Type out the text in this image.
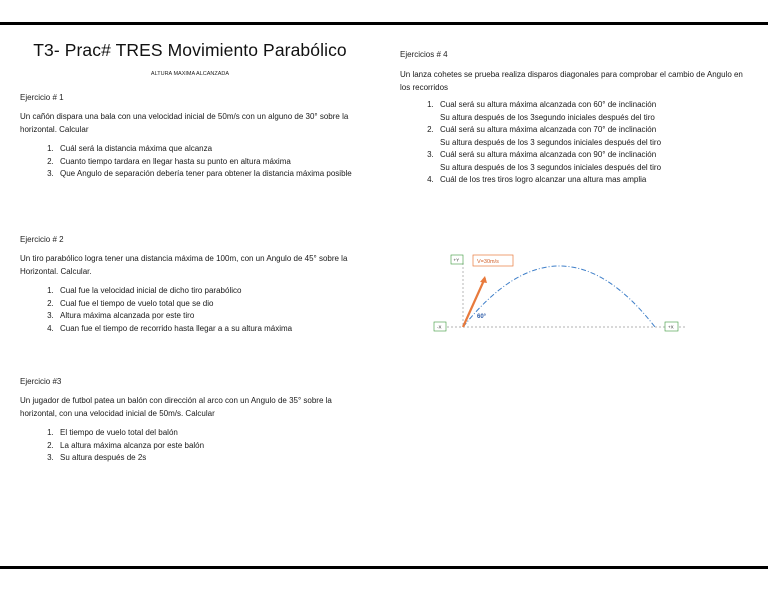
T3- Prac# TRES Movimiento Parabólico
ALTURA MAXIMA ALCANZADA

Ejercicio # 1

Un cañón dispara una bala con una velocidad inicial de 50m/s con un alguno de 30° sobre la horizontal. Calcular

1. Cuál será la distancia máxima que alcanza
2. Cuanto tiempo tardara en llegar hasta su punto en altura máxima
3. Que Angulo de separación debería tener para obtener la distancia máxima posible

Ejercicio # 2

Un tiro parabólico logra tener una distancia máxima de 100m, con un Angulo de 45° sobre la Horizontal. Calcular.

1. Cual fue la velocidad inicial de dicho tiro parabólico
2. Cual fue el tiempo de vuelo total que se dio
3. Altura máxima alcanzada por este tiro
4. Cuan fue el tiempo de recorrido hasta llegar a a su altura máxima

Ejercicio #3

Un jugador de futbol patea un balón con dirección al arco con un Angulo de 35° sobre la horizontal, con una velocidad inicial de 50m/s. Calcular

1. El tiempo de vuelo total del balón
2. La altura máxima alcanza por este balón
3. Su altura después de 2s

Ejercicios # 4

Un lanza cohetes se prueba realiza disparos diagonales para comprobar el cambio de Angulo en los recorridos

1. Cual será su altura máxima alcanzada con 60° de inclinación
Su altura después de los 3segundo iniciales después del tiro
2. Cuál será su altura máxima alcanzada con 70° de inclinación
Su altura después de los 3 segundos iniciales después del tiro
3. Cuál será su altura máxima alcanzada con 90° de inclinación
Su altura después de los 3 segundos iniciales después del tiro
4. Cuál de los tres tiros logro alcanzar una altura mas amplia
60°
+Y
-X	+X
V=30m/s
